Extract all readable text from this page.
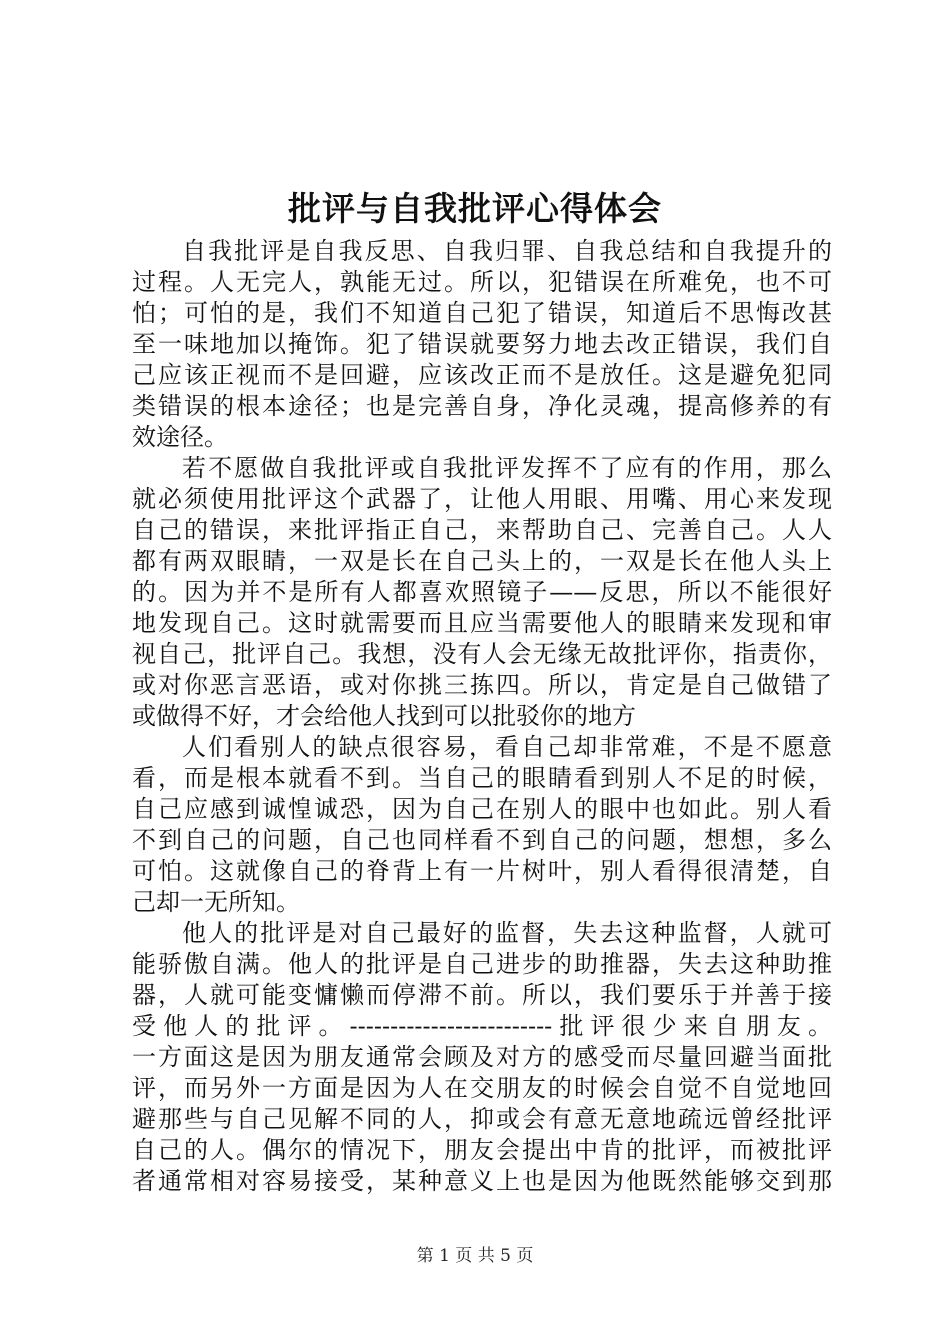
批评与自我批评心得体会
自我批评是自我反思、自我归罪、自我总结和自我提升的
过程。人无完人，孰能无过。所以，犯错误在所难免，也不可
怕；可怕的是，我们不知道自己犯了错误，知道后不思悔改甚
至一味地加以掩饰。犯了错误就要努力地去改正错误，我们自
己应该正视而不是回避，应该改正而不是放任。这是避免犯同
类错误的根本途径；也是完善自身，净化灵魂，提高修养的有
效途径。
若不愿做自我批评或自我批评发挥不了应有的作用，那么
就必须使用批评这个武器了，让他人用眼、用嘴、用心来发现
自己的错误，来批评指正自己，来帮助自己、完善自己。人人
都有两双眼睛，一双是长在自己头上的，一双是长在他人头上
的。因为并不是所有人都喜欢照镜子——反思，所以不能很好
地发现自己。这时就需要而且应当需要他人的眼睛来发现和审
视自己，批评自己。我想，没有人会无缘无故批评你，指责你，
或对你恶言恶语，或对你挑三拣四。所以，肯定是自己做错了
或做得不好，才会给他人找到可以批驳你的地方
人们看别人的缺点很容易，看自己却非常难，不是不愿意
看，而是根本就看不到。当自己的眼睛看到别人不足的时候，
自己应感到诚惶诚恐，因为自己在别人的眼中也如此。别人看
不到自己的问题，自己也同样看不到自己的问题，想想，多么
可怕。这就像自己的脊背上有一片树叶，别人看得很清楚，自
己却一无所知。
他人的批评是对自己最好的监督，失去这种监督，人就可
能骄傲自满。他人的批评是自己进步的助推器，失去这种助推
器，人就可能变慵懒而停滞不前。所以，我们要乐于并善于接
受他人的批评。-------------------------批评很少来自朋友。
一方面这是因为朋友通常会顾及对方的感受而尽量回避当面批
评，而另外一方面是因为人在交朋友的时候会自觉不自觉地回
避那些与自己见解不同的人，抑或会有意无意地疏远曾经批评
自己的人。偶尔的情况下，朋友会提出中肯的批评，而被批评
者通常相对容易接受，某种意义上也是因为他既然能够交到那
第 1 页 共 5 页
